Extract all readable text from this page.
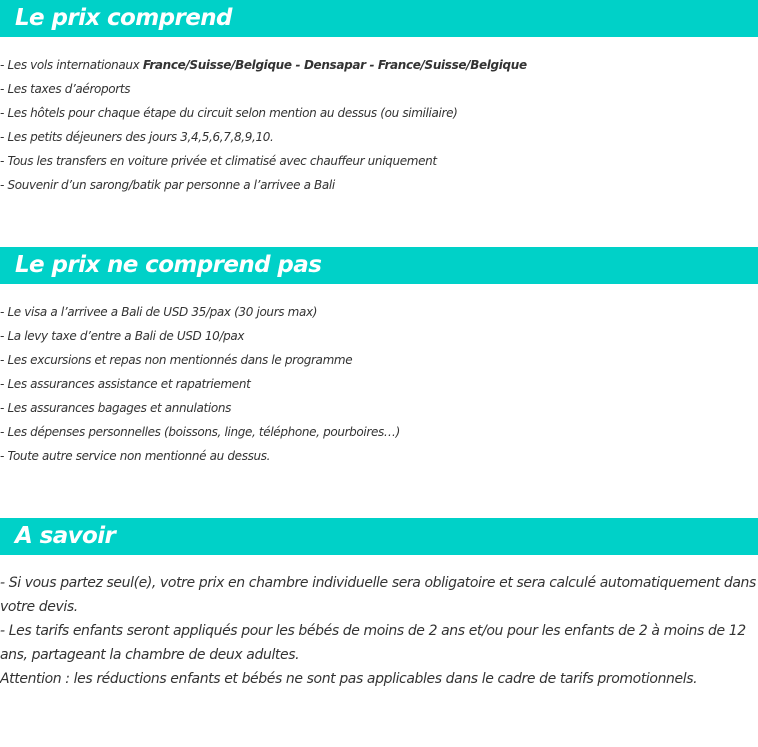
Le prix comprend
- Les vols internationaux France/Suisse/Belgique - Densapar - France/Suisse/Belgique
- Les taxes d’aéroports
- Les hôtels pour chaque étape du circuit selon mention au dessus (ou similiaire)
- Les petits déjeuners des jours 3,4,5,6,7,8,9,10.
- Tous les transfers en voiture privée et climatisé avec chauffeur uniquement
- Souvenir d’un sarong/batik par personne a l’arrivee a Bali
Le prix ne comprend pas
- Le visa a l’arrivee a Bali de USD 35/pax (30 jours max)
- La levy taxe d’entre a Bali de USD 10/pax
- Les excursions et repas non mentionnés dans le programme
- Les assurances assistance et rapatriement
- Les assurances bagages et annulations
- Les dépenses personnelles (boissons, linge, téléphone, pourboires…)
- Toute autre service non mentionné au dessus.
A savoir

- Si vous partez seul(e), votre prix en chambre individuelle sera obligatoire et sera calculé automatiquement dans votre devis.

- Les tarifs enfants seront appliqués pour les bébés de moins de 2 ans et/ou pour les enfants de 2 à moins de 12 ans, partageant la chambre de deux adultes.

Attention : les réductions enfants et bébés ne sont pas applicables dans le cadre de tarifs promotionnels.
